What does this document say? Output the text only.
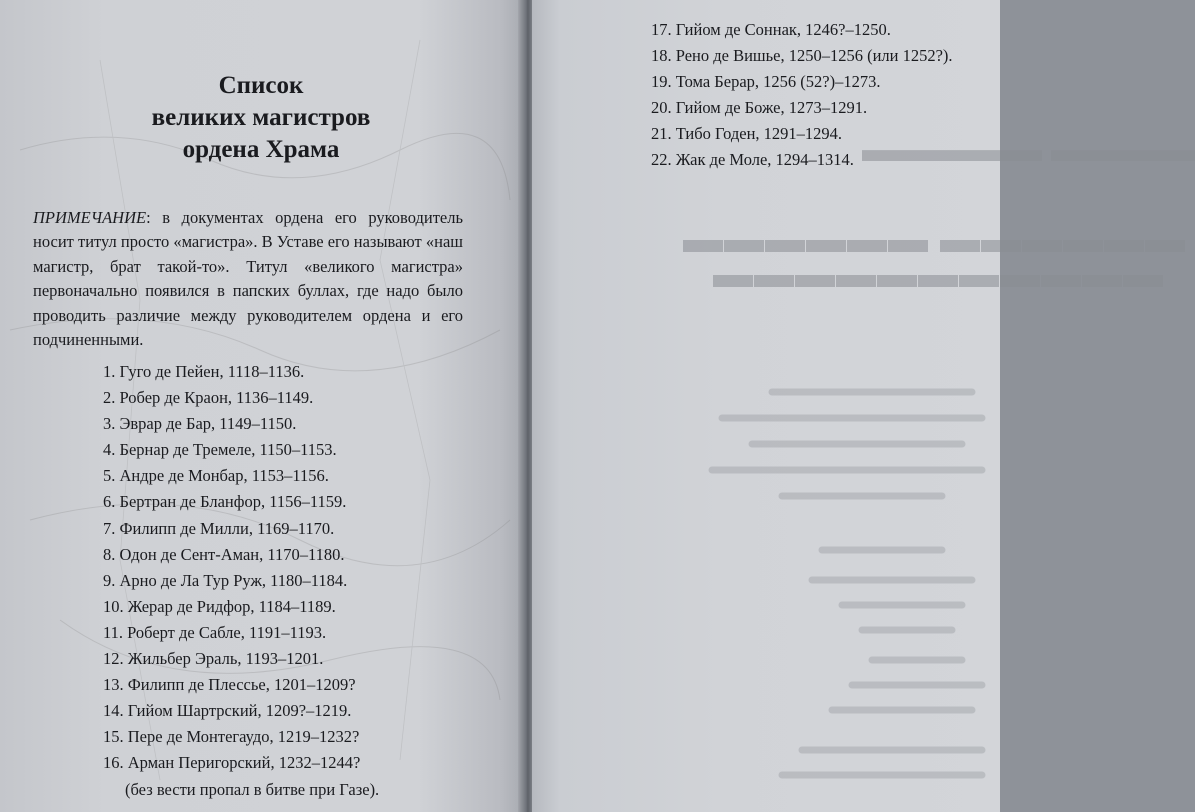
Список
великих магистров
ордена Храма
ПРИМЕЧАНИЕ: в документах ордена его руководитель носит титул просто «магистра». В Уставе его называют «наш магистр, брат такой-то». Титул «великого магистра» первоначально появился в папских буллах, где надо было проводить различие между руководителем ордена и его подчиненными.
1. Гуго де Пейен, 1118–1136.
2. Робер де Краон, 1136–1149.
3. Эврар де Бар, 1149–1150.
4. Бернар де Тремеле, 1150–1153.
5. Андре де Монбар, 1153–1156.
6. Бертран де Бланфор, 1156–1159.
7. Филипп де Милли, 1169–1170.
8. Одон де Сент-Аман, 1170–1180.
9. Арно де Ла Тур Руж, 1180–1184.
10. Жерар де Ридфор, 1184–1189.
11. Роберт де Сабле, 1191–1193.
12. Жильбер Эраль, 1193–1201.
13. Филипп де Плессье, 1201–1209?
14. Гийом Шартрский, 1209?–1219.
15. Пере де Монтегаудо, 1219–1232?
16. Арман Перигорский, 1232–1244?
(без вести пропал в битве при Газе).
▬▬▬▬ ▬▬▬▬▬
▬▬▬▬▬▬ ▬▬▬▬▬▬
▬▬▬▬▬▬▬▬▬▬▬
17. Гийом де Соннак, 1246?–1250.
18. Рено де Вишье, 1250–1256 (или 1252?).
19. Тома Берар, 1256 (52?)–1273.
20. Гийом де Боже, 1273–1291.
21. Тибо Годен, 1291–1294.
22. Жак де Моле, 1294–1314.
